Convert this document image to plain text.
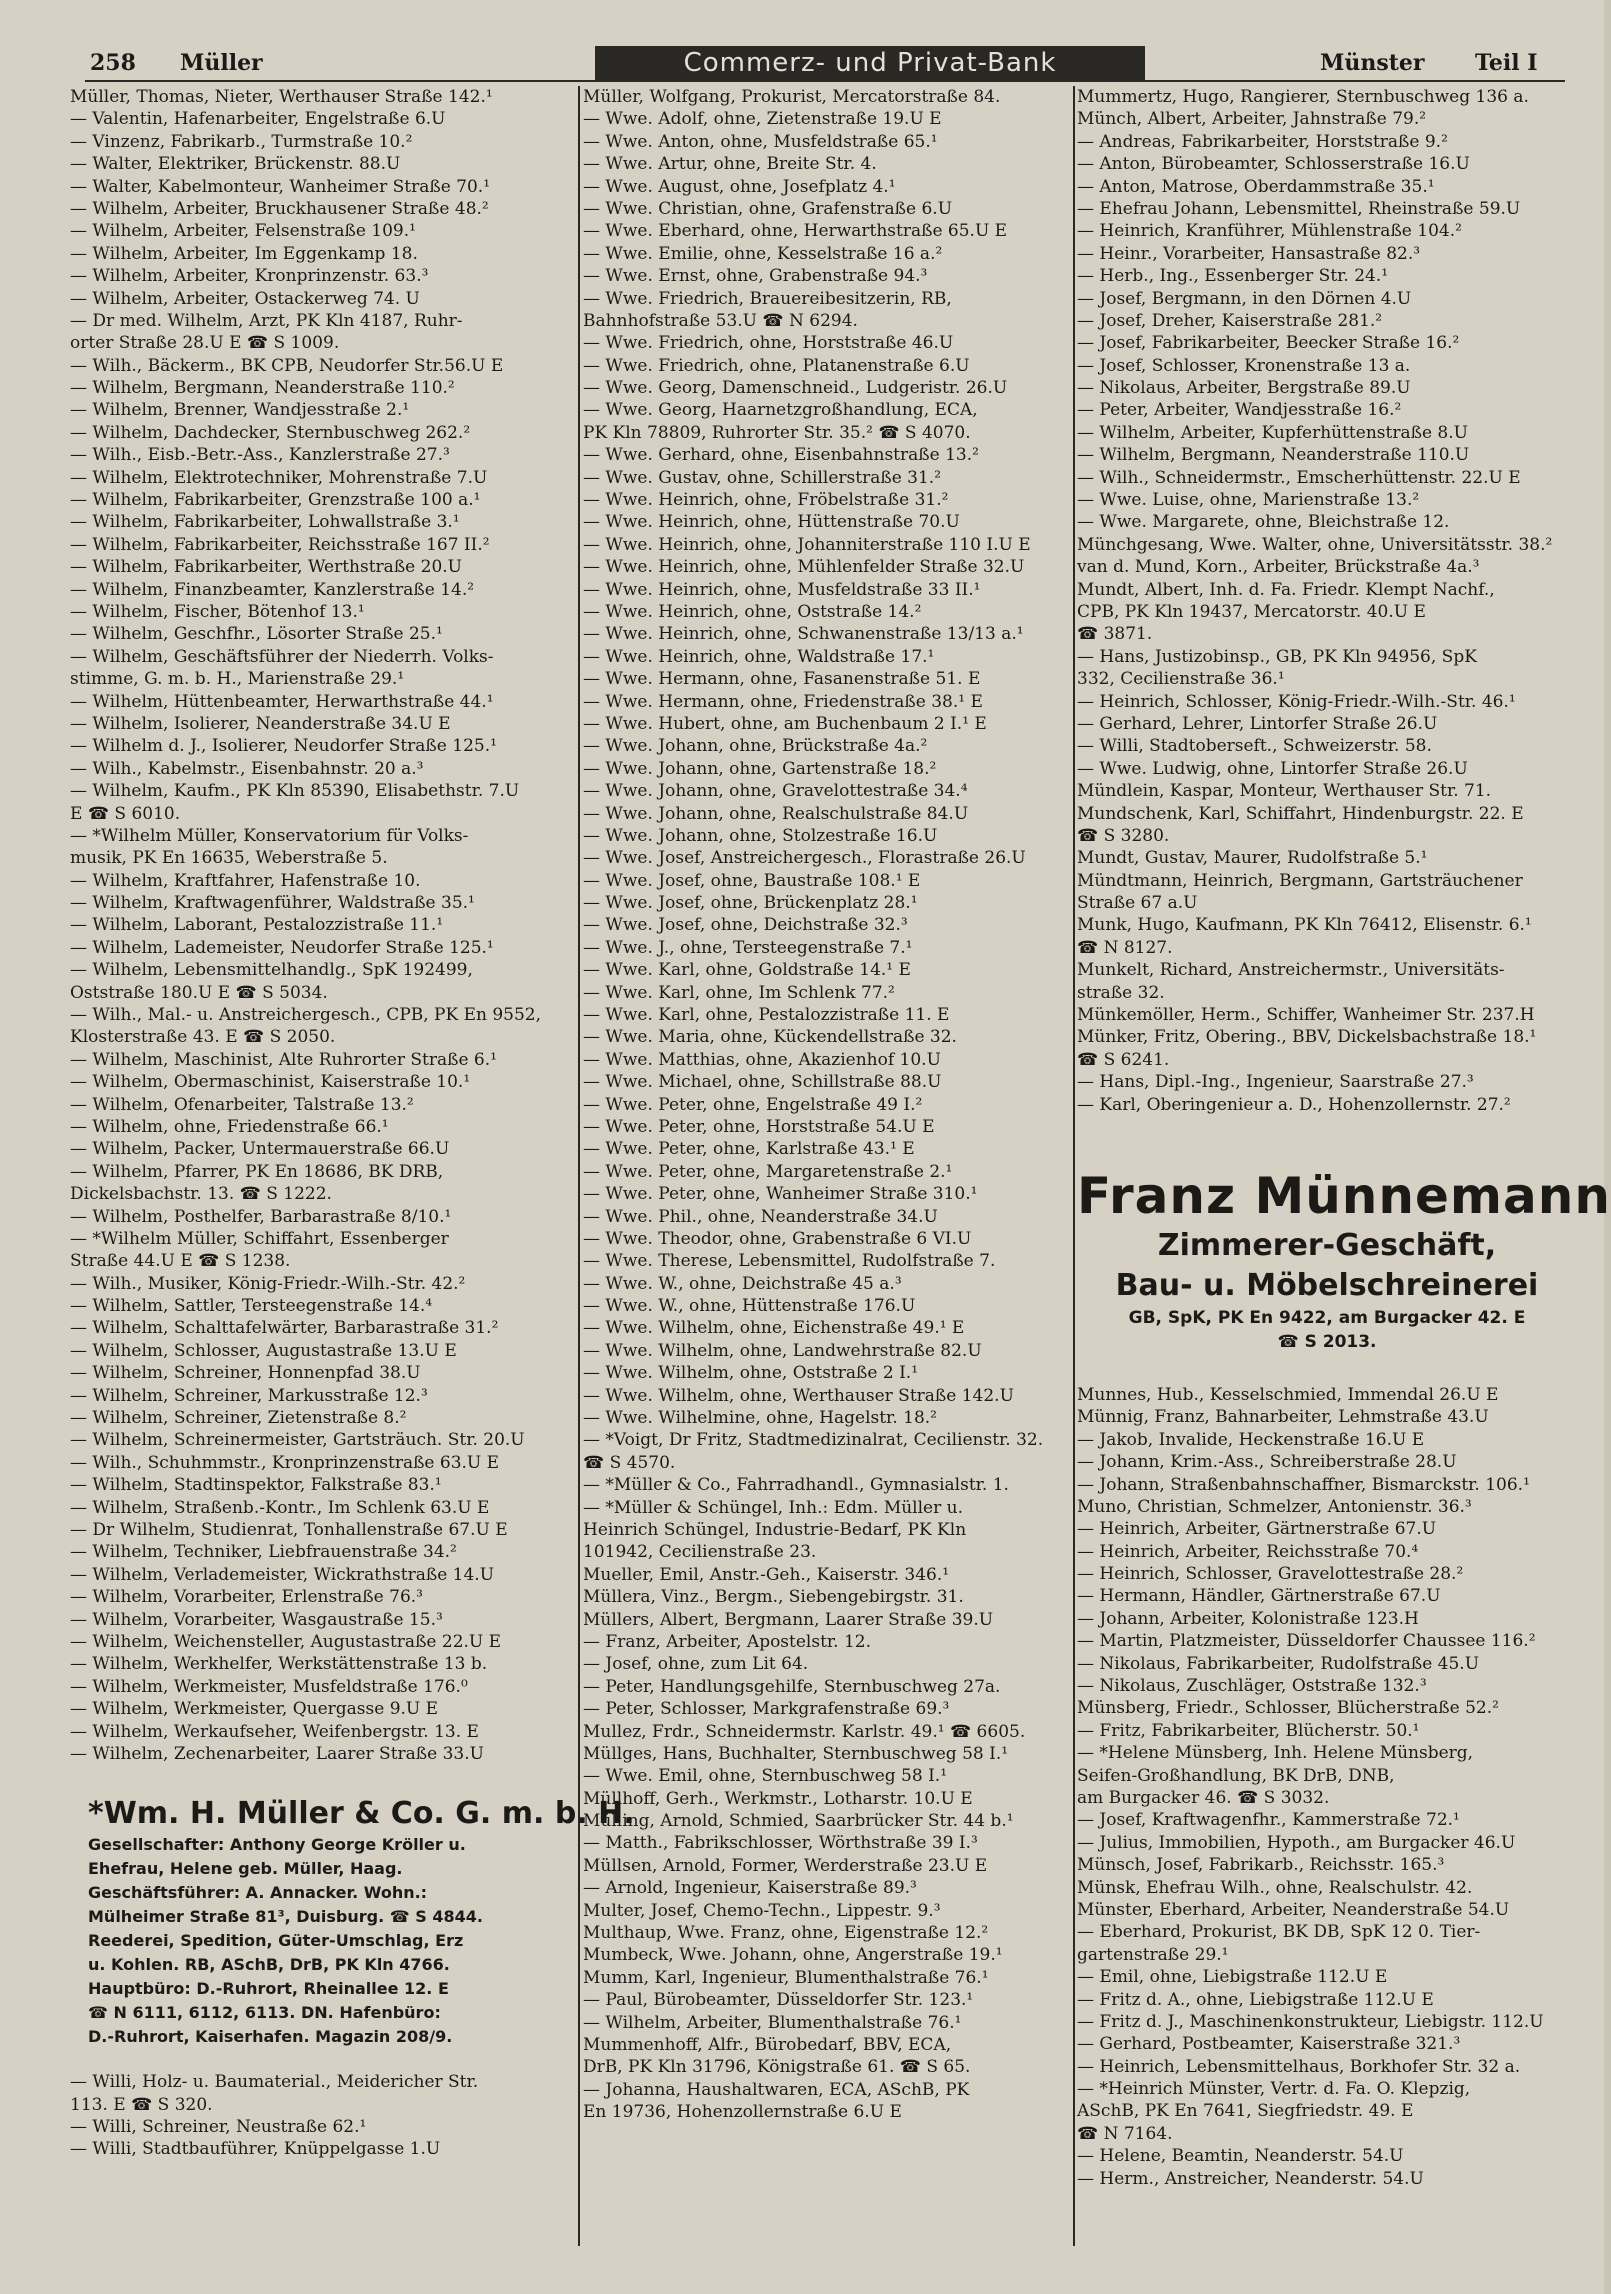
258 Müller	Commerz- und Privat-Bank	Münster Teil I
Müller, Thomas, Nieter, Werthauser Straße 142.¹
— Valentin, Hafenarbeiter, Engelstraße 6.U
— Vinzenz, Fabrikarb., Turmstraße 10.²
— Walter, Elektriker, Brückenstr. 88.U
— Walter, Kabelmonteur, Wanheimer Straße 70.¹
— Wilhelm, Arbeiter, Bruckhausener Straße 48.²
— Wilhelm, Arbeiter, Felsenstraße 109.¹
— Wilhelm, Arbeiter, Im Eggenkamp 18.
— Wilhelm, Arbeiter, Kronprinzenstr. 63.³
— Wilhelm, Arbeiter, Ostackerweg 74. U
— Dr med. Wilhelm, Arzt, PK Kln 4187, Ruhr-
orter Straße 28.U E ☎ S 1009.
— Wilh., Bäckerm., BK CPB, Neudorfer Str.56.U E
— Wilhelm, Bergmann, Neanderstraße 110.²
— Wilhelm, Brenner, Wandjesstraße 2.¹
— Wilhelm, Dachdecker, Sternbuschweg 262.²
— Wilh., Eisb.-Betr.-Ass., Kanzlerstraße 27.³
— Wilhelm, Elektrotechniker, Mohrenstraße 7.U
— Wilhelm, Fabrikarbeiter, Grenzstraße 100 a.¹
— Wilhelm, Fabrikarbeiter, Lohwallstraße 3.¹
— Wilhelm, Fabrikarbeiter, Reichsstraße 167 II.²
— Wilhelm, Fabrikarbeiter, Werthstraße 20.U
— Wilhelm, Finanzbeamter, Kanzlerstraße 14.²
— Wilhelm, Fischer, Bötenhof 13.¹
— Wilhelm, Geschfhr., Lösorter Straße 25.¹
— Wilhelm, Geschäftsführer der Niederrh. Volks-
stimme, G. m. b. H., Marienstraße 29.¹
— Wilhelm, Hüttenbeamter, Herwarthstraße 44.¹
— Wilhelm, Isolierer, Neanderstraße 34.U E
— Wilhelm d. J., Isolierer, Neudorfer Straße 125.¹
— Wilh., Kabelmstr., Eisenbahnstr. 20 a.³
— Wilhelm, Kaufm., PK Kln 85390, Elisabethstr. 7.U
E ☎ S 6010.
— *Wilhelm Müller, Konservatorium für Volks-
musik, PK En 16635, Weberstraße 5.
— Wilhelm, Kraftfahrer, Hafenstraße 10.
— Wilhelm, Kraftwagenführer, Waldstraße 35.¹
— Wilhelm, Laborant, Pestalozzistraße 11.¹
— Wilhelm, Lademeister, Neudorfer Straße 125.¹
— Wilhelm, Lebensmittelhandlg., SpK 192499,
Oststraße 180.U E ☎ S 5034.
— Wilh., Mal.- u. Anstreichergesch., CPB, PK En 9552,
Klosterstraße 43. E ☎ S 2050.
— Wilhelm, Maschinist, Alte Ruhrorter Straße 6.¹
— Wilhelm, Obermaschinist, Kaiserstraße 10.¹
— Wilhelm, Ofenarbeiter, Talstraße 13.²
— Wilhelm, ohne, Friedenstraße 66.¹
— Wilhelm, Packer, Untermauerstraße 66.U
— Wilhelm, Pfarrer, PK En 18686, BK DRB,
Dickelsbachstr. 13. ☎ S 1222.
— Wilhelm, Posthelfer, Barbarastraße 8/10.¹
— *Wilhelm Müller, Schiffahrt, Essenberger
Straße 44.U E ☎ S 1238.
— Wilh., Musiker, König-Friedr.-Wilh.-Str. 42.²
— Wilhelm, Sattler, Tersteegenstraße 14.⁴
— Wilhelm, Schalttafelwärter, Barbarastraße 31.²
— Wilhelm, Schlosser, Augustastraße 13.U E
— Wilhelm, Schreiner, Honnenpfad 38.U
— Wilhelm, Schreiner, Markusstraße 12.³
— Wilhelm, Schreiner, Zietenstraße 8.²
— Wilhelm, Schreinermeister, Gartsträuch. Str. 20.U
— Wilh., Schuhmmstr., Kronprinzenstraße 63.U E
— Wilhelm, Stadtinspektor, Falkstraße 83.¹
— Wilhelm, Straßenb.-Kontr., Im Schlenk 63.U E
— Dr Wilhelm, Studienrat, Tonhallenstraße 67.U E
— Wilhelm, Techniker, Liebfrauenstraße 34.²
— Wilhelm, Verlademeister, Wickrathstraße 14.U
— Wilhelm, Vorarbeiter, Erlenstraße 76.³
— Wilhelm, Vorarbeiter, Wasgaustraße 15.³
— Wilhelm, Weichensteller, Augustastraße 22.U E
— Wilhelm, Werkhelfer, Werkstättenstraße 13 b.
— Wilhelm, Werkmeister, Musfeldstraße 176.⁰
— Wilhelm, Werkmeister, Quergasse 9.U E
— Wilhelm, Werkaufseher, Weifenbergstr. 13. E
— Wilhelm, Zechenarbeiter, Laarer Straße 33.U
*Wm. H. Müller & Co. G. m. b. H.
Gesellschafter: Anthony George Kröller u.
Ehefrau, Helene geb. Müller, Haag.
Geschäftsführer: A. Annacker. Wohn.:
Mülheimer Straße 81³, Duisburg. ☎ S 4844.
Reederei, Spedition, Güter-Umschlag, Erz
u. Kohlen. RB, ASchB, DrB, PK Kln 4766.
Hauptbüro: D.-Ruhrort, Rheinallee 12. E
☎ N 6111, 6112, 6113. DN. Hafenbüro:
D.-Ruhrort, Kaiserhafen. Magazin 208/9.
— Willi, Holz- u. Baumaterial., Meidericher Str.
113. E ☎ S 320.
— Willi, Schreiner, Neustraße 62.¹
— Willi, Stadtbauführer, Knüppelgasse 1.U
Müller, Wolfgang, Prokurist, Mercatorstraße 84.
— Wwe. Adolf, ohne, Zietenstraße 19.U E
— Wwe. Anton, ohne, Musfeldstraße 65.¹
— Wwe. Artur, ohne, Breite Str. 4.
— Wwe. August, ohne, Josefplatz 4.¹
— Wwe. Christian, ohne, Grafenstraße 6.U
— Wwe. Eberhard, ohne, Herwarthstraße 65.U E
— Wwe. Emilie, ohne, Kesselstraße 16 a.²
— Wwe. Ernst, ohne, Grabenstraße 94.³
— Wwe. Friedrich, Brauereibesitzerin, RB,
Bahnhofstraße 53.U ☎ N 6294.
— Wwe. Friedrich, ohne, Horststraße 46.U
— Wwe. Friedrich, ohne, Platanenstraße 6.U
— Wwe. Georg, Damenschneid., Ludgeristr. 26.U
— Wwe. Georg, Haarnetzgroßhandlung, ECA,
PK Kln 78809, Ruhrorter Str. 35.² ☎ S 4070.
— Wwe. Gerhard, ohne, Eisenbahnstraße 13.²
— Wwe. Gustav, ohne, Schillerstraße 31.²
— Wwe. Heinrich, ohne, Fröbelstraße 31.²
— Wwe. Heinrich, ohne, Hüttenstraße 70.U
— Wwe. Heinrich, ohne, Johanniterstraße 110 I.U E
— Wwe. Heinrich, ohne, Mühlenfelder Straße 32.U
— Wwe. Heinrich, ohne, Musfeldstraße 33 II.¹
— Wwe. Heinrich, ohne, Oststraße 14.²
— Wwe. Heinrich, ohne, Schwanenstraße 13/13 a.¹
— Wwe. Heinrich, ohne, Waldstraße 17.¹
— Wwe. Hermann, ohne, Fasanenstraße 51. E
— Wwe. Hermann, ohne, Friedenstraße 38.¹ E
— Wwe. Hubert, ohne, am Buchenbaum 2 I.¹ E
— Wwe. Johann, ohne, Brückstraße 4a.²
— Wwe. Johann, ohne, Gartenstraße 18.²
— Wwe. Johann, ohne, Gravelottestraße 34.⁴
— Wwe. Johann, ohne, Realschulstraße 84.U
— Wwe. Johann, ohne, Stolzestraße 16.U
— Wwe. Josef, Anstreichergesch., Florastraße 26.U
— Wwe. Josef, ohne, Baustraße 108.¹ E
— Wwe. Josef, ohne, Brückenplatz 28.¹
— Wwe. Josef, ohne, Deichstraße 32.³
— Wwe. J., ohne, Tersteegenstraße 7.¹
— Wwe. Karl, ohne, Goldstraße 14.¹ E
— Wwe. Karl, ohne, Im Schlenk 77.²
— Wwe. Karl, ohne, Pestalozzistraße 11. E
— Wwe. Maria, ohne, Kückendellstraße 32.
— Wwe. Matthias, ohne, Akazienhof 10.U
— Wwe. Michael, ohne, Schillstraße 88.U
— Wwe. Peter, ohne, Engelstraße 49 I.²
— Wwe. Peter, ohne, Horststraße 54.U E
— Wwe. Peter, ohne, Karlstraße 43.¹ E
— Wwe. Peter, ohne, Margaretenstraße 2.¹
— Wwe. Peter, ohne, Wanheimer Straße 310.¹
— Wwe. Phil., ohne, Neanderstraße 34.U
— Wwe. Theodor, ohne, Grabenstraße 6 VI.U
— Wwe. Therese, Lebensmittel, Rudolfstraße 7.
— Wwe. W., ohne, Deichstraße 45 a.³
— Wwe. W., ohne, Hüttenstraße 176.U
— Wwe. Wilhelm, ohne, Eichenstraße 49.¹ E
— Wwe. Wilhelm, ohne, Landwehrstraße 82.U
— Wwe. Wilhelm, ohne, Oststraße 2 I.¹
— Wwe. Wilhelm, ohne, Werthauser Straße 142.U
— Wwe. Wilhelmine, ohne, Hagelstr. 18.²
— *Voigt, Dr Fritz, Stadtmedizinalrat, Cecilienstr. 32.
☎ S 4570.
— *Müller & Co., Fahrradhandl., Gymnasialstr. 1.
— *Müller & Schüngel, Inh.: Edm. Müller u.
Heinrich Schüngel, Industrie-Bedarf, PK Kln
101942, Cecilienstraße 23.
Mueller, Emil, Anstr.-Geh., Kaiserstr. 346.¹
Müllera, Vinz., Bergm., Siebengebirgstr. 31.
Müllers, Albert, Bergmann, Laarer Straße 39.U
— Franz, Arbeiter, Apostelstr. 12.
— Josef, ohne, zum Lit 64.
— Peter, Handlungsgehilfe, Sternbuschweg 27a.
— Peter, Schlosser, Markgrafenstraße 69.³
Mullez, Frdr., Schneidermstr. Karlstr. 49.¹ ☎ 6605.
Müllges, Hans, Buchhalter, Sternbuschweg 58 I.¹
— Wwe. Emil, ohne, Sternbuschweg 58 I.¹
Müllhoff, Gerh., Werkmstr., Lotharstr. 10.U E
Mülling, Arnold, Schmied, Saarbrücker Str. 44 b.¹
— Matth., Fabrikschlosser, Wörthstraße 39 I.³
Müllsen, Arnold, Former, Werderstraße 23.U E
— Arnold, Ingenieur, Kaiserstraße 89.³
Multer, Josef, Chemo-Techn., Lippestr. 9.³
Multhaup, Wwe. Franz, ohne, Eigenstraße 12.²
Mumbeck, Wwe. Johann, ohne, Angerstraße 19.¹
Mumm, Karl, Ingenieur, Blumenthalstraße 76.¹
— Paul, Bürobeamter, Düsseldorfer Str. 123.¹
— Wilhelm, Arbeiter, Blumenthalstraße 76.¹
Mummenhoff, Alfr., Bürobedarf, BBV, ECA,
DrB, PK Kln 31796, Königstraße 61. ☎ S 65.
— Johanna, Haushaltwaren, ECA, ASchB, PK
En 19736, Hohenzollernstraße 6.U E
Mummertz, Hugo, Rangierer, Sternbuschweg 136 a.
Münch, Albert, Arbeiter, Jahnstraße 79.²
— Andreas, Fabrikarbeiter, Horststraße 9.²
— Anton, Bürobeamter, Schlosserstraße 16.U
— Anton, Matrose, Oberdammstraße 35.¹
— Ehefrau Johann, Lebensmittel, Rheinstraße 59.U
— Heinrich, Kranführer, Mühlenstraße 104.²
— Heinr., Vorarbeiter, Hansastraße 82.³
— Herb., Ing., Essenberger Str. 24.¹
— Josef, Bergmann, in den Dörnen 4.U
— Josef, Dreher, Kaiserstraße 281.²
— Josef, Fabrikarbeiter, Beecker Straße 16.²
— Josef, Schlosser, Kronenstraße 13 a.
— Nikolaus, Arbeiter, Bergstraße 89.U
— Peter, Arbeiter, Wandjesstraße 16.²
— Wilhelm, Arbeiter, Kupferhüttenstraße 8.U
— Wilhelm, Bergmann, Neanderstraße 110.U
— Wilh., Schneidermstr., Emscherhüttenstr. 22.U E
— Wwe. Luise, ohne, Marienstraße 13.²
— Wwe. Margarete, ohne, Bleichstraße 12.
Münchgesang, Wwe. Walter, ohne, Universitätsstr. 38.²
van d. Mund, Korn., Arbeiter, Brückstraße 4a.³
Mundt, Albert, Inh. d. Fa. Friedr. Klempt Nachf.,
CPB, PK Kln 19437, Mercatorstr. 40.U E
☎ 3871.
— Hans, Justizobinsp., GB, PK Kln 94956, SpK
332, Cecilienstraße 36.¹
— Heinrich, Schlosser, König-Friedr.-Wilh.-Str. 46.¹
— Gerhard, Lehrer, Lintorfer Straße 26.U
— Willi, Stadtoberseft., Schweizerstr. 58.
— Wwe. Ludwig, ohne, Lintorfer Straße 26.U
Mündlein, Kaspar, Monteur, Werthauser Str. 71.
Mundschenk, Karl, Schiffahrt, Hindenburgstr. 22. E
☎ S 3280.
Mundt, Gustav, Maurer, Rudolfstraße 5.¹
Mündtmann, Heinrich, Bergmann, Gartsträuchener
Straße 67 a.U
Munk, Hugo, Kaufmann, PK Kln 76412, Elisenstr. 6.¹
☎ N 8127.
Munkelt, Richard, Anstreichermstr., Universitäts-
straße 32.
Münkemöller, Herm., Schiffer, Wanheimer Str. 237.H
Münker, Fritz, Obering., BBV, Dickelsbachstraße 18.¹
☎ S 6241.
— Hans, Dipl.-Ing., Ingenieur, Saarstraße 27.³
— Karl, Oberingenieur a. D., Hohenzollernstr. 27.²
Franz Münnemann
Zimmerer-Geschäft,
Bau- u. Möbelschreinerei
GB, SpK, PK En 9422, am Burgacker 42. E
☎ S 2013.
Munnes, Hub., Kesselschmied, Immendal 26.U E
Münnig, Franz, Bahnarbeiter, Lehmstraße 43.U
— Jakob, Invalide, Heckenstraße 16.U E
— Johann, Krim.-Ass., Schreiberstraße 28.U
— Johann, Straßenbahnschaffner, Bismarckstr. 106.¹
Muno, Christian, Schmelzer, Antonienstr. 36.³
— Heinrich, Arbeiter, Gärtnerstraße 67.U
— Heinrich, Arbeiter, Reichsstraße 70.⁴
— Heinrich, Schlosser, Gravelottestraße 28.²
— Hermann, Händler, Gärtnerstraße 67.U
— Johann, Arbeiter, Kolonistraße 123.H
— Martin, Platzmeister, Düsseldorfer Chaussee 116.²
— Nikolaus, Fabrikarbeiter, Rudolfstraße 45.U
— Nikolaus, Zuschläger, Oststraße 132.³
Münsberg, Friedr., Schlosser, Blücherstraße 52.²
— Fritz, Fabrikarbeiter, Blücherstr. 50.¹
— *Helene Münsberg, Inh. Helene Münsberg,
Seifen-Großhandlung, BK DrB, DNB,
am Burgacker 46. ☎ S 3032.
— Josef, Kraftwagenfhr., Kammerstraße 72.¹
— Julius, Immobilien, Hypoth., am Burgacker 46.U
Münsch, Josef, Fabrikarb., Reichsstr. 165.³
Münsk, Ehefrau Wilh., ohne, Realschulstr. 42.
Münster, Eberhard, Arbeiter, Neanderstraße 54.U
— Eberhard, Prokurist, BK DB, SpK 12 0. Tier-
gartenstraße 29.¹
— Emil, ohne, Liebigstraße 112.U E
— Fritz d. A., ohne, Liebigstraße 112.U E
— Fritz d. J., Maschinenkonstrukteur, Liebigstr. 112.U
— Gerhard, Postbeamter, Kaiserstraße 321.³
— Heinrich, Lebensmittelhaus, Borkhofer Str. 32 a.
— *Heinrich Münster, Vertr. d. Fa. O. Klepzig,
ASchB, PK En 7641, Siegfriedstr. 49. E
☎ N 7164.
— Helene, Beamtin, Neanderstr. 54.U
— Herm., Anstreicher, Neanderstr. 54.U
